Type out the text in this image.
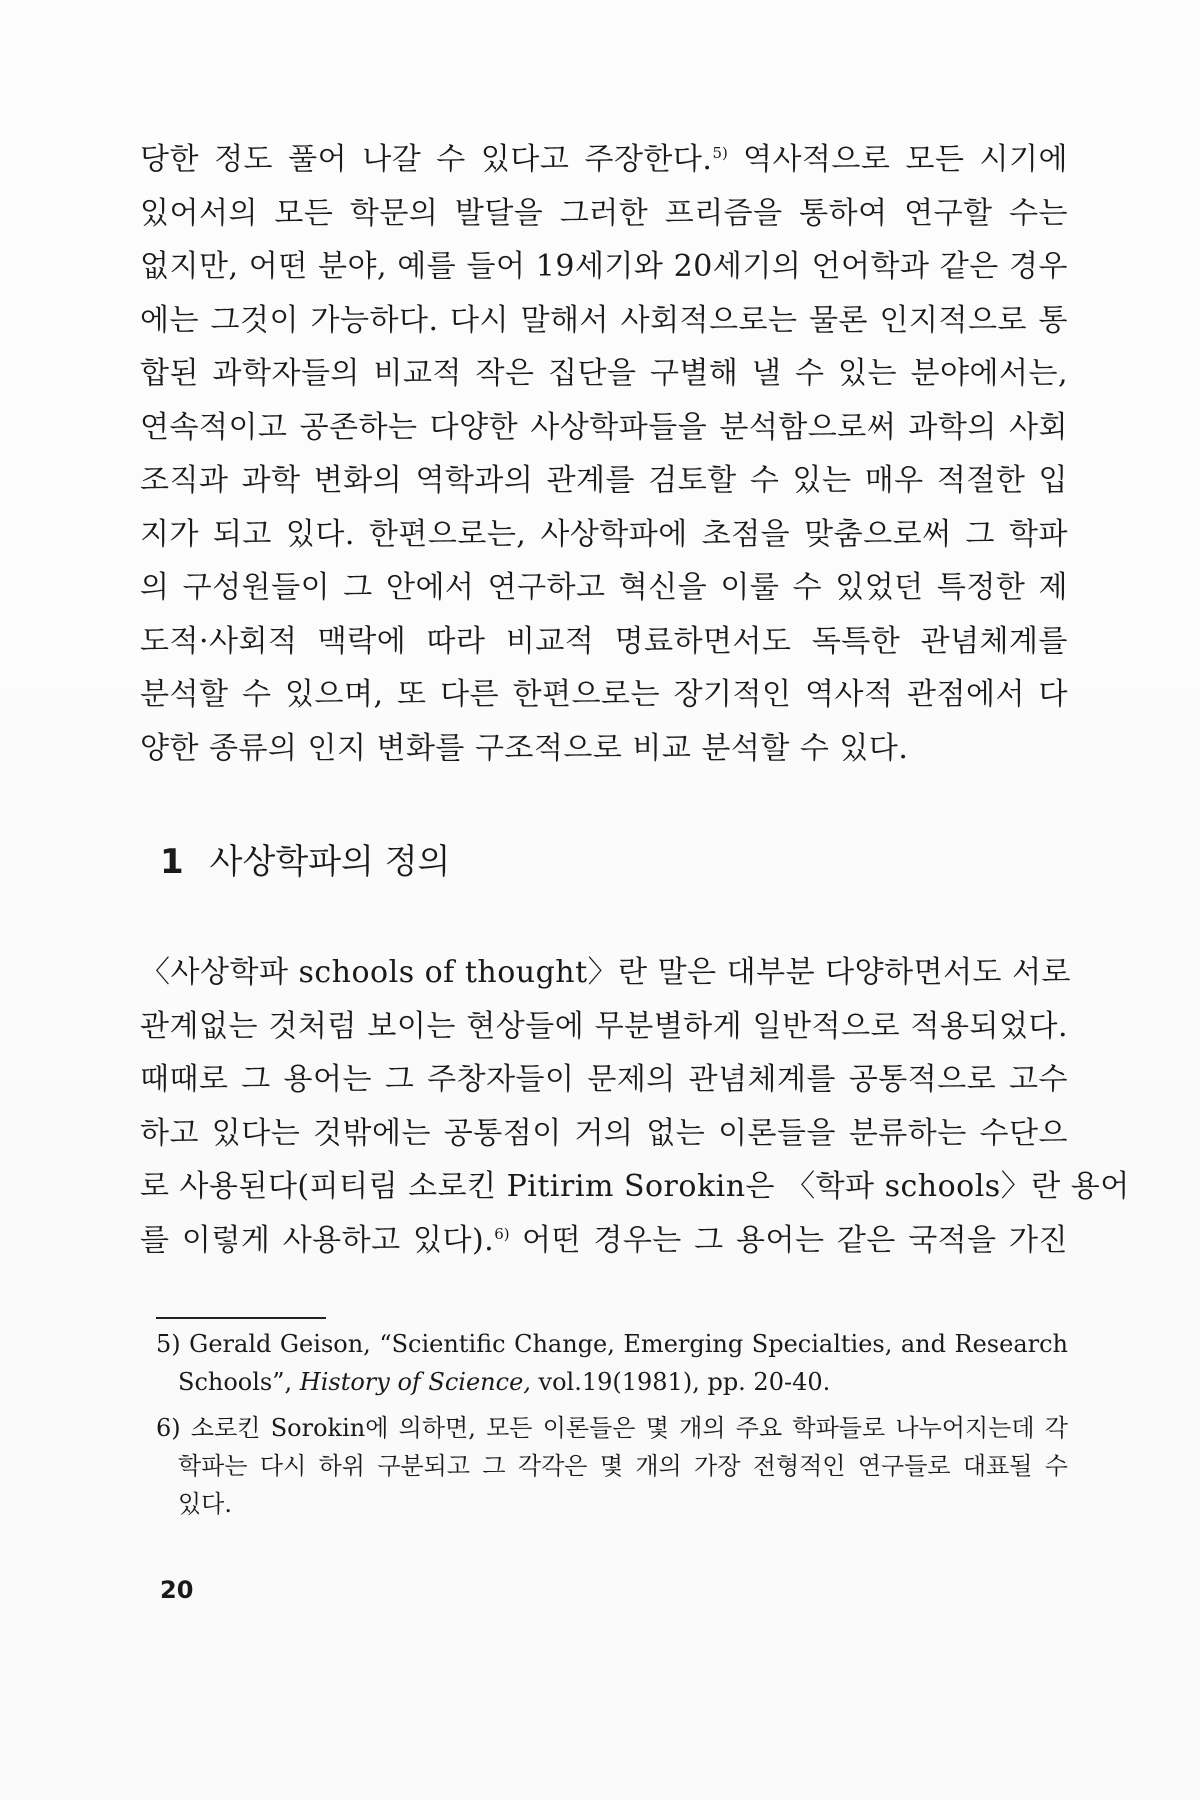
당한 정도 풀어 나갈 수 있다고 주장한다.$^{5)}$ 역사적으로 모든 시기에
있어서의 모든 학문의 발달을 그러한 프리즘을 통하여 연구할 수는
없지만, 어떤 분야, 예를 들어 19세기와 20세기의 언어학과 같은 경우
에는 그것이 가능하다. 다시 말해서 사회적으로는 물론 인지적으로 통
합된 과학자들의 비교적 작은 집단을 구별해 낼 수 있는 분야에서는,
연속적이고 공존하는 다양한 사상학파들을 분석함으로써 과학의 사회
조직과 과학 변화의 역학과의 관계를 검토할 수 있는 매우 적절한 입
지가 되고 있다. 한편으로는, 사상학파에 초점을 맞춤으로써 그 학파
의 구성원들이 그 안에서 연구하고 혁신을 이룰 수 있었던 특정한 제
도적·사회적 맥락에 따라 비교적 명료하면서도 독특한 관념체계를
분석할 수 있으며, 또 다른 한편으로는 장기적인 역사적 관점에서 다
양한 종류의 인지 변화를 구조적으로 비교 분석할 수 있다.
1 사상학파의 정의
〈사상학파 schools of thought〉란 말은 대부분 다양하면서도 서로
관계없는 것처럼 보이는 현상들에 무분별하게 일반적으로 적용되었다.
때때로 그 용어는 그 주창자들이 문제의 관념체계를 공통적으로 고수
하고 있다는 것밖에는 공통점이 거의 없는 이론들을 분류하는 수단으
로 사용된다(피티림 소로킨 Pitirim Sorokin은 〈학파 schools〉란 용어
를 이렇게 사용하고 있다).$^{6)}$ 어떤 경우는 그 용어는 같은 국적을 가진
5) Gerald Geison, “Scientific Change, Emerging Specialties, and Research
Schools”, History of Science, vol.19(1981), pp. 20-40.
6) 소로킨 Sorokin에 의하면, 모든 이론들은 몇 개의 주요 학파들로 나누어지는데 각
학파는 다시 하위 구분되고 그 각각은 몇 개의 가장 전형적인 연구들로 대표될 수
있다.

20
